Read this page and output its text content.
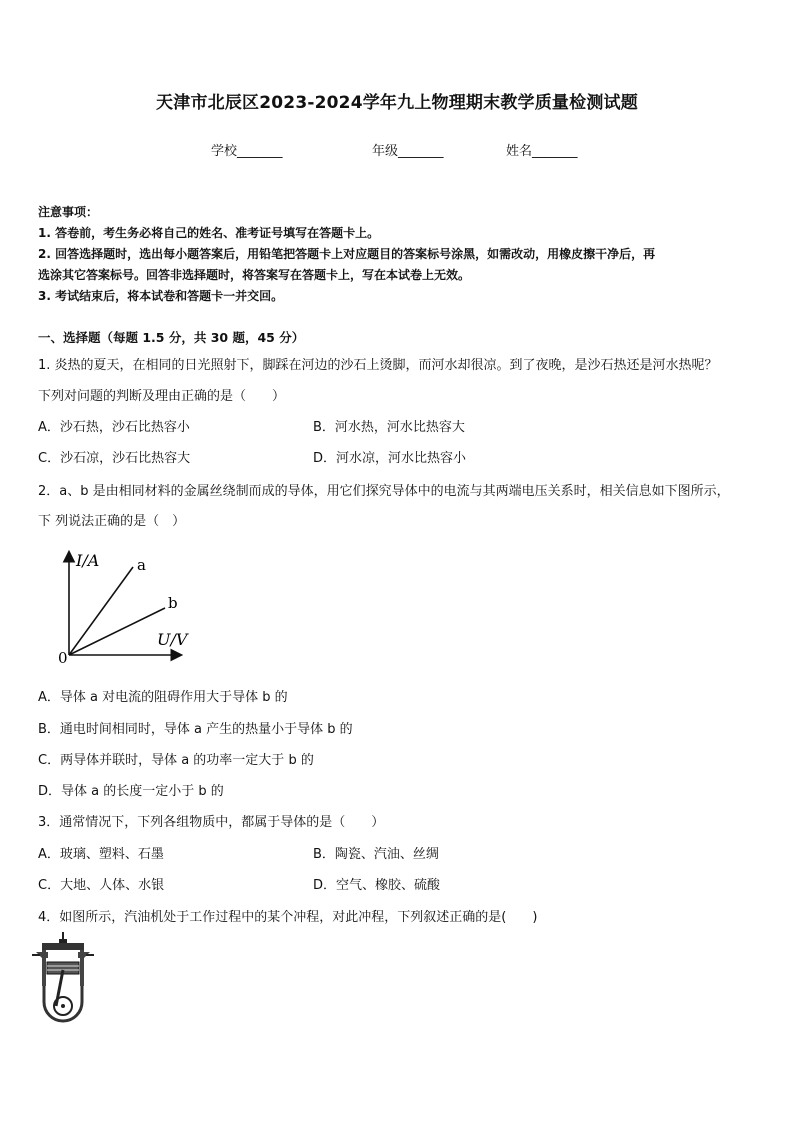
天津市北辰区2023-2024学年九上物理期末教学质量检测试题
学校_______	年级_______	姓名_______
注意事项：
1. 答卷前，考生务必将自己的姓名、准考证号填写在答题卡上。
2. 回答选择题时，选出每小题答案后，用铅笔把答题卡上对应题目的答案标号涂黑，如需改动，用橡皮擦干净后，再
选涂其它答案标号。回答非选择题时，将答案写在答题卡上，写在本试卷上无效。
3. 考试结束后，将本试卷和答题卡一并交回。
一、选择题（每题 1.5 分，共 30 题，45 分）
1. 炎热的夏天，在相同的日光照射下，脚踩在河边的沙石上烫脚，而河水却很凉。到了夜晚，是沙石热还是河水热呢？
下列对问题的判断及理由正确的是（　　）
A．沙石热，沙石比热容小	B．河水热，河水比热容大
C．沙石凉，沙石比热容大	D．河水凉，河水比热容小
2．a、b 是由相同材料的金属丝绕制而成的导体，用它们探究导体中的电流与其两端电压关系时，相关信息如下图所示，
下 列说法正确的是（　）
I/A
U/V
0
a
b
A．导体 a 对电流的阻碍作用大于导体 b 的
B．通电时间相同时，导体 a 产生的热量小于导体 b 的
C．两导体并联时，导体 a 的功率一定大于 b 的
D．导体 a 的长度一定小于 b 的
3．通常情况下，下列各组物质中，都属于导体的是（　　）
A．玻璃、塑料、石墨	B．陶瓷、汽油、丝绸
C．大地、人体、水银	D．空气、橡胶、硫酸
4．如图所示，汽油机处于工作过程中的某个冲程，对此冲程，下列叙述正确的是(　　)
